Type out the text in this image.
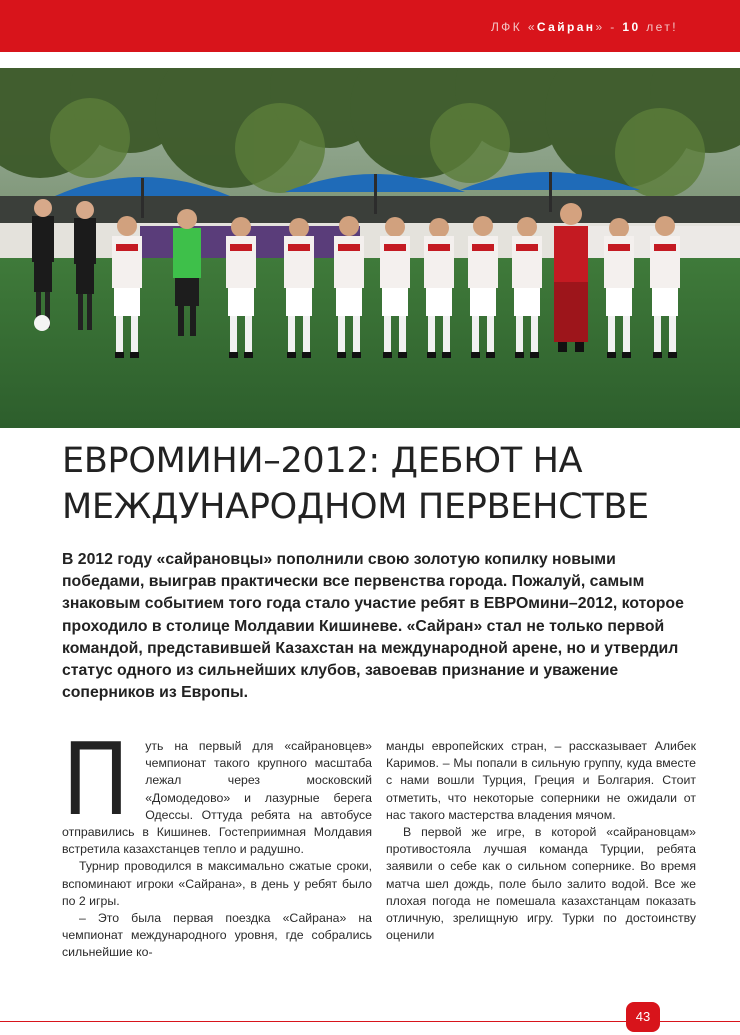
ЛФК «Сайран» - 10 лет!
ЕВРОМИНИ–2012: ДЕБЮТ НА МЕЖДУНАРОДНОМ ПЕРВЕНСТВЕ

В 2012 году «сайрановцы» пополнили свою золотую копилку новыми победами, выиграв практически все первенства города. Пожалуй, самым знаковым событием того года стало участие ребят в ЕВРОмини–2012, которое проходило в столице Молдавии Кишиневе. «Сайран» стал не только первой командой, представившей Казахстан на международной арене, но и утвердил статус одного из сильнейших клубов, завоевав признание и уважение соперников из Европы.

П	уть на первый для «сайрановцев» чемпионат такого крупного масштаба лежал через московский «Домодедово» и лазурные берега Одессы. Оттуда ребята на автобусе отправились в Кишинев. Гостеприимная Молдавия встретила казахстанцев тепло и радушно.

Турнир проводился в максимально сжатые сроки, вспоминают игроки «Сайрана», в день у ребят было по 2 игры.

– Это была первая поездка «Сайрана» на чемпионат международного уровня, где собрались сильнейшие ко-

манды европейских стран, – рассказывает Алибек Каримов. – Мы попали в сильную группу, куда вместе с нами вошли Турция, Греция и Болгария. Стоит отметить, что некоторые соперники не ожидали от нас такого мастерства владения мячом.

В первой же игре, в которой «сайрановцам» противостояла лучшая команда Турции, ребята заявили о себе как о сильном сопернике. Во время матча шел дождь, поле было залито водой. Все же плохая погода не помешала казахстанцам показать отличную, зрелищную игру. Турки по достоинству оценили

43
